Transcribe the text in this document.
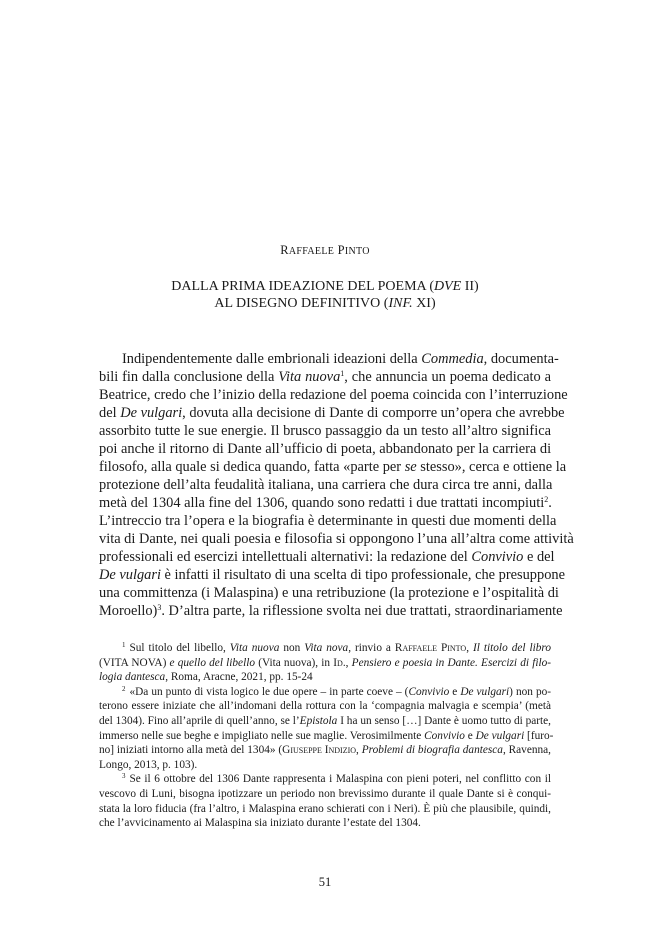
RAFFAELE PINTO
DALLA PRIMA IDEAZIONE DEL POEMA (DVE II)
AL DISEGNO DEFINITIVO (INF. XI)
Indipendentemente dalle embrionali ideazioni della Commedia, documenta-
bili fin dalla conclusione della Vita nuova$^1$, che annuncia un poema dedicato a
Beatrice, credo che l’inizio della redazione del poema coincida con l’interruzione
del De vulgari, dovuta alla decisione di Dante di comporre un’opera che avrebbe
assorbito tutte le sue energie. Il brusco passaggio da un testo all’altro significa
poi anche il ritorno di Dante all’ufficio di poeta, abbandonato per la carriera di
filosofo, alla quale si dedica quando, fatta «parte per se stesso», cerca e ottiene la
protezione dell’alta feudalità italiana, una carriera che dura circa tre anni, dalla
metà del 1304 alla fine del 1306, quando sono redatti i due trattati incompiuti$^2$.
L’intreccio tra l’opera e la biografia è determinante in questi due momenti della
vita di Dante, nei quali poesia e filosofia si oppongono l’una all’altra come attività
professionali ed esercizi intellettuali alternativi: la redazione del Convivio e del
De vulgari è infatti il risultato di una scelta di tipo professionale, che presuppone
una committenza (i Malaspina) e una retribuzione (la protezione e l’ospitalità di
Moroello)$^3$. D’altra parte, la riflessione svolta nei due trattati, straordinariamente
$^1$ Sul titolo del libello, Vita nuova non Vita nova, rinvio a Raffaele Pinto, Il titolo del libro
(VITA NOVA) e quello del libello (Vita nuova), in Id., Pensiero e poesia in Dante. Esercizi di filo-
logia dantesca, Roma, Aracne, 2021, pp. 15-24
$^2$ «Da un punto di vista logico le due opere – in parte coeve – (Convivio e De vulgari) non po-
terono essere iniziate che all’indomani della rottura con la ‘compagnia malvagia e scempia’ (metà
del 1304). Fino all’aprile di quell’anno, se l’Epistola I ha un senso […] Dante è uomo tutto di parte,
immerso nelle sue beghe e impigliato nelle sue maglie. Verosimilmente Convivio e De vulgari [furo-
no] iniziati intorno alla metà del 1304» (Giuseppe Indizio, Problemi di biografia dantesca, Ravenna,
Longo, 2013, p. 103).
$^3$ Se il 6 ottobre del 1306 Dante rappresenta i Malaspina con pieni poteri, nel conflitto con il
vescovo di Luni, bisogna ipotizzare un periodo non brevissimo durante il quale Dante si è conqui-
stata la loro fiducia (fra l’altro, i Malaspina erano schierati con i Neri). È più che plausibile, quindi,
che l’avvicinamento ai Malaspina sia iniziato durante l’estate del 1304.
51
